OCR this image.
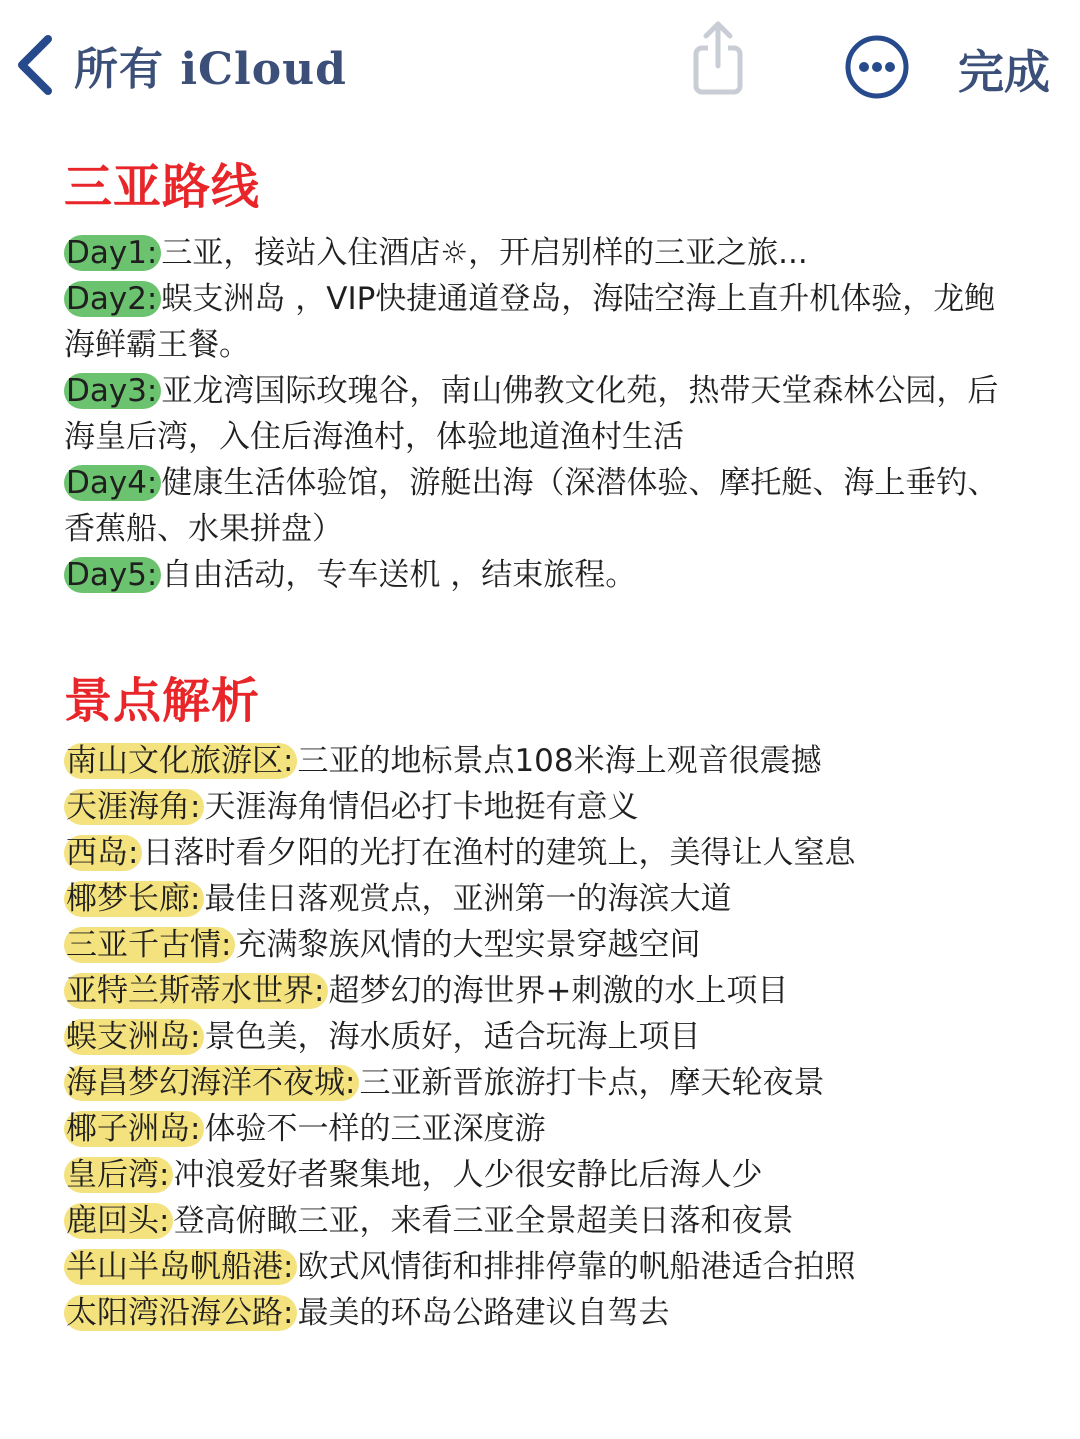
所有 iCloud	完成
三亚路线
Day1: 三亚，接站入住酒店☼，开启别样的三亚之旅...
Day2: 蜈支洲岛 ，VIP快捷通道登岛，海陆空海上直升机体验，龙鲍海鲜霸王餐。
Day3: 亚龙湾国际玫瑰谷，南山佛教文化苑，热带天堂森林公园，后海皇后湾，入住后海渔村，体验地道渔村生活
Day4: 健康生活体验馆，游艇出海（深潜体验、摩托艇、海上垂钓、香蕉船、水果拼盘）
Day5: 自由活动，专车送机 ，结束旅程。
景点解析
南山文化旅游区: 三亚的地标景点108米海上观音很震撼
天涯海角: 天涯海角情侣必打卡地挺有意义
西岛: 日落时看夕阳的光打在渔村的建筑上，美得让人窒息
椰梦长廊: 最佳日落观赏点，亚洲第一的海滨大道
三亚千古情: 充满黎族风情的大型实景穿越空间
亚特兰斯蒂水世界: 超梦幻的海世界+刺激的水上项目
蜈支洲岛: 景色美，海水质好，适合玩海上项目
海昌梦幻海洋不夜城: 三亚新晋旅游打卡点，摩天轮夜景
椰子洲岛: 体验不一样的三亚深度游
皇后湾: 冲浪爱好者聚集地，人少很安静比后海人少
鹿回头: 登高俯瞰三亚，来看三亚全景超美日落和夜景
半山半岛帆船港: 欧式风情街和排排停靠的帆船港适合拍照
太阳湾沿海公路: 最美的环岛公路建议自驾去
